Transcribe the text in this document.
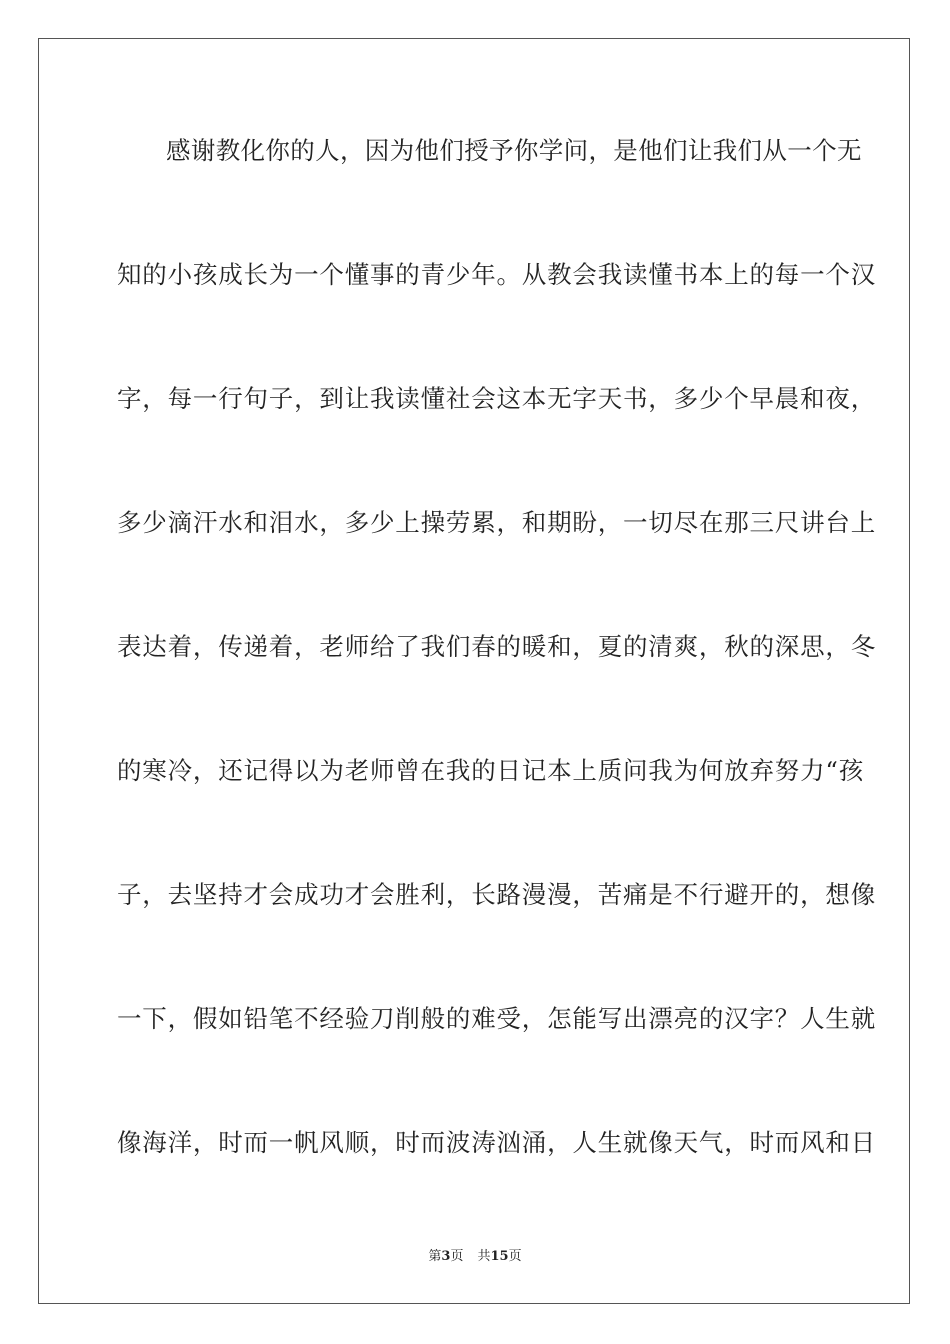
感谢教化你的人，因为他们授予你学问，是他们让我们从一个无
知的小孩成长为一个懂事的青少年。从教会我读懂书本上的每一个汉
字，每一行句子，到让我读懂社会这本无字天书，多少个早晨和夜，
多少滴汗水和泪水，多少上操劳累，和期盼，一切尽在那三尺讲台上
表达着，传递着，老师给了我们春的暖和，夏的清爽，秋的深思，冬
的寒冷，还记得以为老师曾在我的日记本上质问我为何放弃努力“孩
子，去坚持才会成功才会胜利，长路漫漫，苦痛是不行避开的，想像
一下，假如铅笔不经验刀削般的难受，怎能写出漂亮的汉字？人生就
像海洋，时而一帆风顺，时而波涛汹涌，人生就像天气，时而风和日
第3页 共15页
